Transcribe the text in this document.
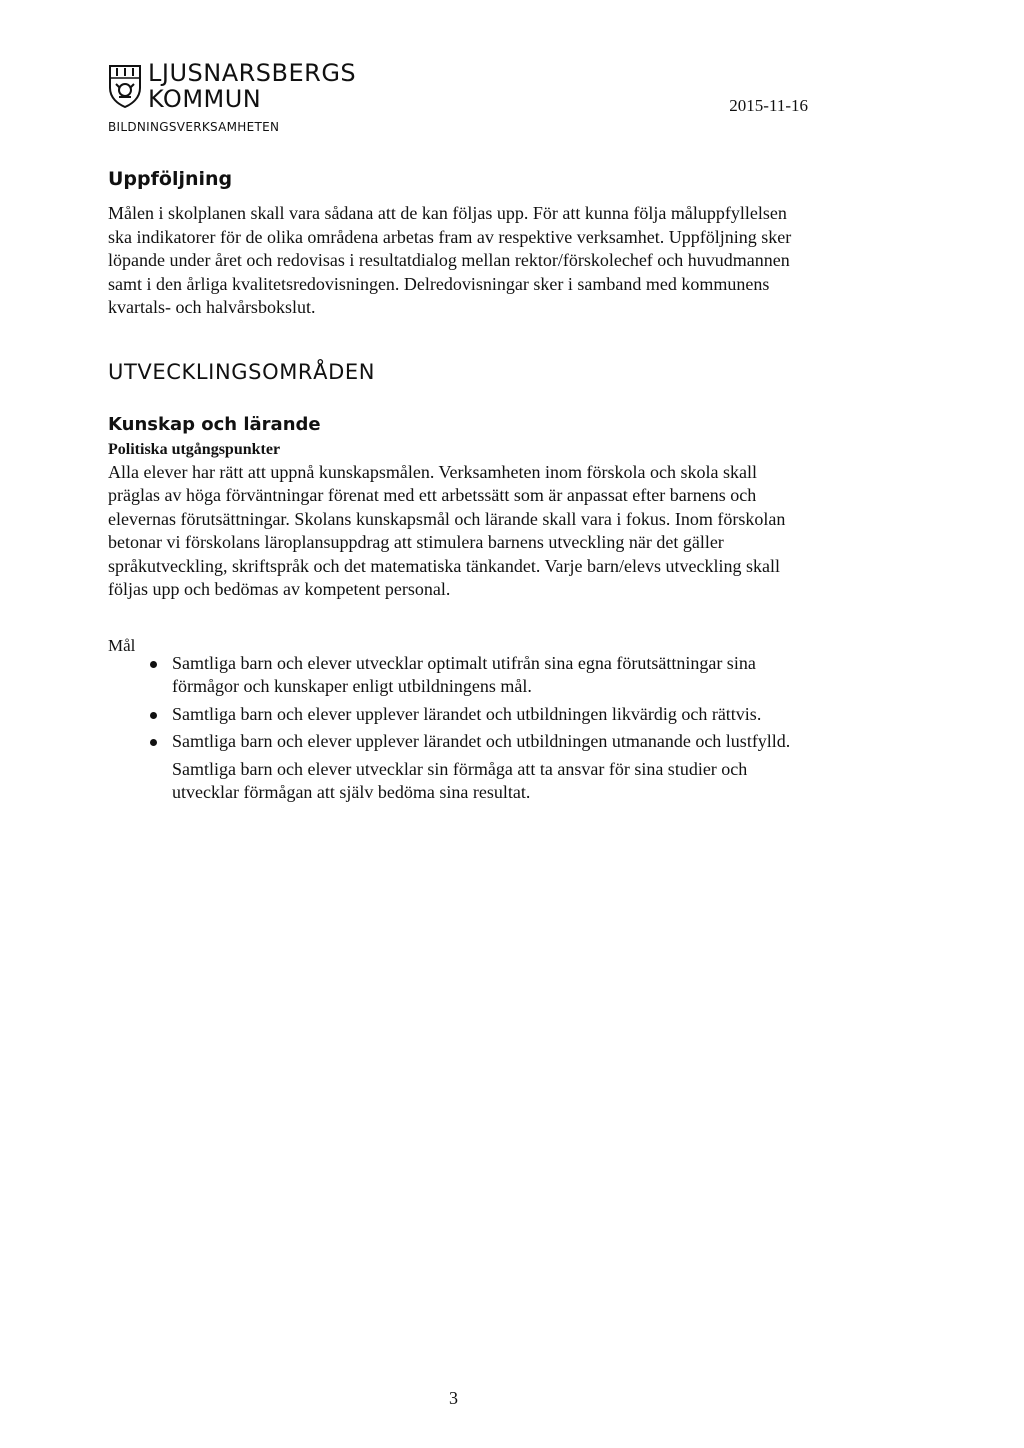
LJUSNARSBERGS
KOMMUN
BILDNINGSVERKSAMHETEN
2015-11-16
Uppföljning

Målen i skolplanen skall vara sådana att de kan följas upp. För att kunna följa måluppfyllelsen ska indikatorer för de olika områdena arbetas fram av respektive verksamhet. Uppföljning sker löpande under året och redovisas i resultatdialog mellan rektor/förskolechef och huvudmannen samt i den årliga kvalitetsredovisningen. Delredovisningar sker i samband med kommunens kvartals- och halvårsbokslut.

UTVECKLINGSOMRÅDEN
Kunskap och lärande
Politiska utgångspunkter

Alla elever har rätt att uppnå kunskapsmålen. Verksamheten inom förskola och skola skall präglas av höga förväntningar förenat med ett arbetssätt som är anpassat efter barnens och elevernas förutsättningar. Skolans kunskapsmål och lärande skall vara i fokus. Inom förskolan betonar vi förskolans läroplansuppdrag att stimulera barnens utveckling när det gäller språkutveckling, skriftspråk och det matematiska tänkandet. Varje barn/elevs utveckling skall följas upp och bedömas av kompetent personal.

Mål
Samtliga barn och elever utvecklar optimalt utifrån sina egna förutsättningar sina förmågor och kunskaper enligt utbildningens mål.
Samtliga barn och elever upplever lärandet och utbildningen likvärdig och rättvis.
Samtliga barn och elever upplever lärandet och utbildningen utmanande och lustfylld.
Samtliga barn och elever utvecklar sin förmåga att ta ansvar för sina studier och utvecklar förmågan att själv bedöma sina resultat.
3
